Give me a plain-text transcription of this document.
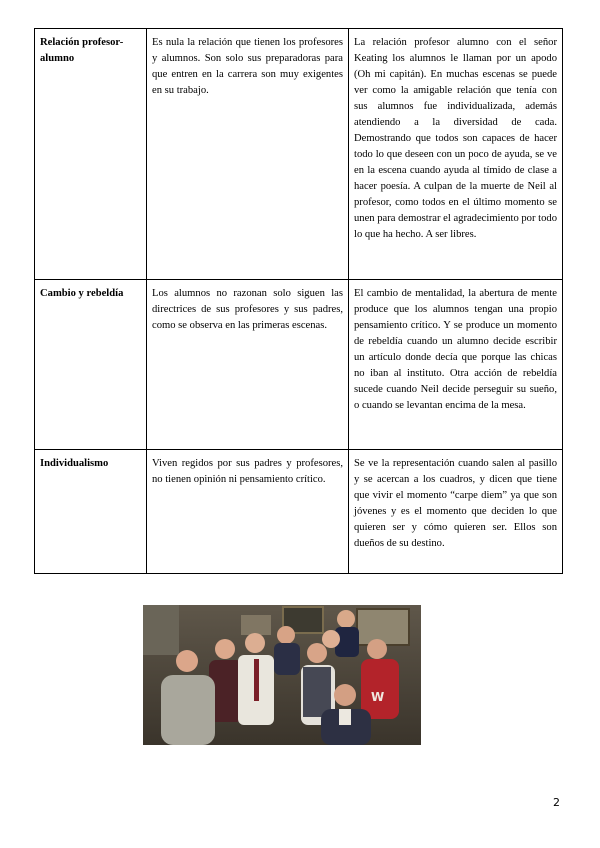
Relación profesor-alumno	Es nula la relación que tienen los profesores y alumnos. Son solo sus preparadoras para que entren en la carrera son muy exigentes en su trabajo.	La relación profesor alumno con el señor Keating los alumnos le llaman por un apodo (Oh mi capitán). En muchas escenas se puede ver como la amigable relación que tenía con sus alumnos fue individualizada, además atendiendo a la diversidad de cada. Demostrando que todos son capaces de hacer todo lo que deseen con un poco de ayuda, se ve en la escena cuando ayuda al tímido de clase a hacer poesía. A culpan de la muerte de Neil al profesor, como todos en el último momento se unen para demostrar el agradecimiento por todo lo que ha hecho. A ser libres.
Cambio y rebeldía	Los alumnos no razonan solo siguen las directrices de sus profesores y sus padres, como se observa en las primeras escenas.	El cambio de mentalidad, la abertura de mente produce que los alumnos tengan una propio pensamiento crítico. Y se produce un momento de rebeldía cuando un alumno decide escribir un artículo donde decía que porque las chicas no iban al instituto. Otra acción de rebeldía sucede cuando Neil decide perseguir su sueño, o cuando se levantan encima de la mesa.
Individualismo	Viven regidos por sus padres y profesores, no tienen opinión ni pensamiento crítico.	Se ve la representación cuando salen al pasillo y se acercan a los cuadros, y dicen que tiene que vivir el momento “carpe diem” ya que son jóvenes y es el momento que deciden lo que quieren ser y cómo quieren ser. Ellos son dueños de su destino.
W
2
